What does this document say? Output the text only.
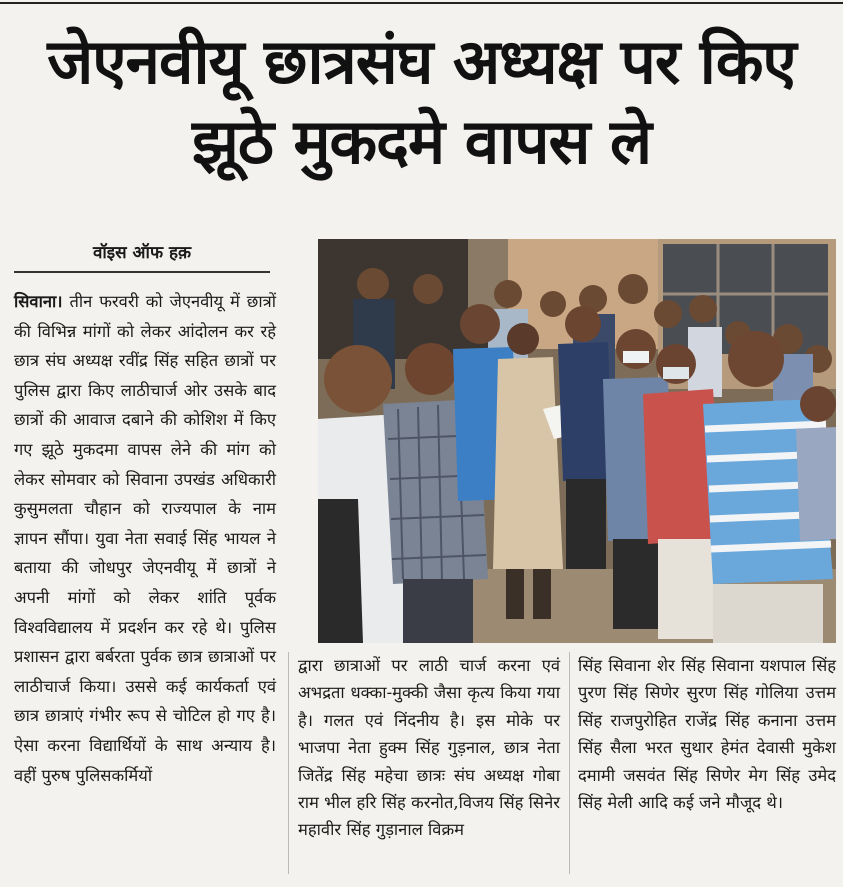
जेएनवीयू छात्रसंघ अध्यक्ष पर किए झूठे मुकदमे वापस ले
वॉइस ऑफ हक़
सिवाना। तीन फरवरी को जेएनवीयू में छात्रों की विभिन्न मांगों को लेकर आंदोलन कर रहे छात्र संघ अध्यक्ष रवींद्र सिंह सहित छात्रों पर पुलिस द्वारा किए लाठीचार्ज ओर उसके बाद छात्रों की आवाज दबाने की कोशिश में किए गए झूठे मुकदमा वापस लेने की मांग को लेकर सोमवार को सिवाना उपखंड अधिकारी कुसुमलता चौहान को राज्यपाल के नाम ज्ञापन सौंपा। युवा नेता सवाई सिंह भायल ने बताया की जोधपुर जेएनवीयू में छात्रों ने अपनी मांगों को लेकर शांति पूर्वक विश्वविद्यालय में प्रदर्शन कर रहे थे। पुलिस प्रशासन द्वारा बर्बरता पुर्वक छात्र छात्राओं पर लाठीचार्ज किया। उससे कई कार्यकर्ता एवं छात्र छात्राएं गंभीर रूप से चोटिल हो गए है। ऐसा करना विद्यार्थियों के साथ अन्याय है। वहीं पुरुष पुलिसकर्मियों
द्वारा छात्राओं पर लाठी चार्ज करना एवं अभद्रता धक्का-मुक्की जैसा कृत्य किया गया है। गलत एवं निंदनीय है। इस मोके पर भाजपा नेता हुक्म सिंह गुड़नाल, छात्र नेता जितेंद्र सिंह महेचा छात्रः संघ अध्यक्ष गोबा राम भील हरि सिंह करनोत,विजय सिंह सिनेर महावीर सिंह गुड़ानाल विक्रम
सिंह सिवाना शेर सिंह सिवाना यशपाल सिंह पुरण सिंह सिणेर सुरण सिंह गोलिया उत्तम सिंह राजपुरोहित राजेंद्र सिंह कनाना उत्तम सिंह सैला भरत सुथार हेमंत देवासी मुकेश दमामी जसवंत सिंह सिणेर मेग सिंह उमेद सिंह मेली आदि कई जने मौजूद थे।
